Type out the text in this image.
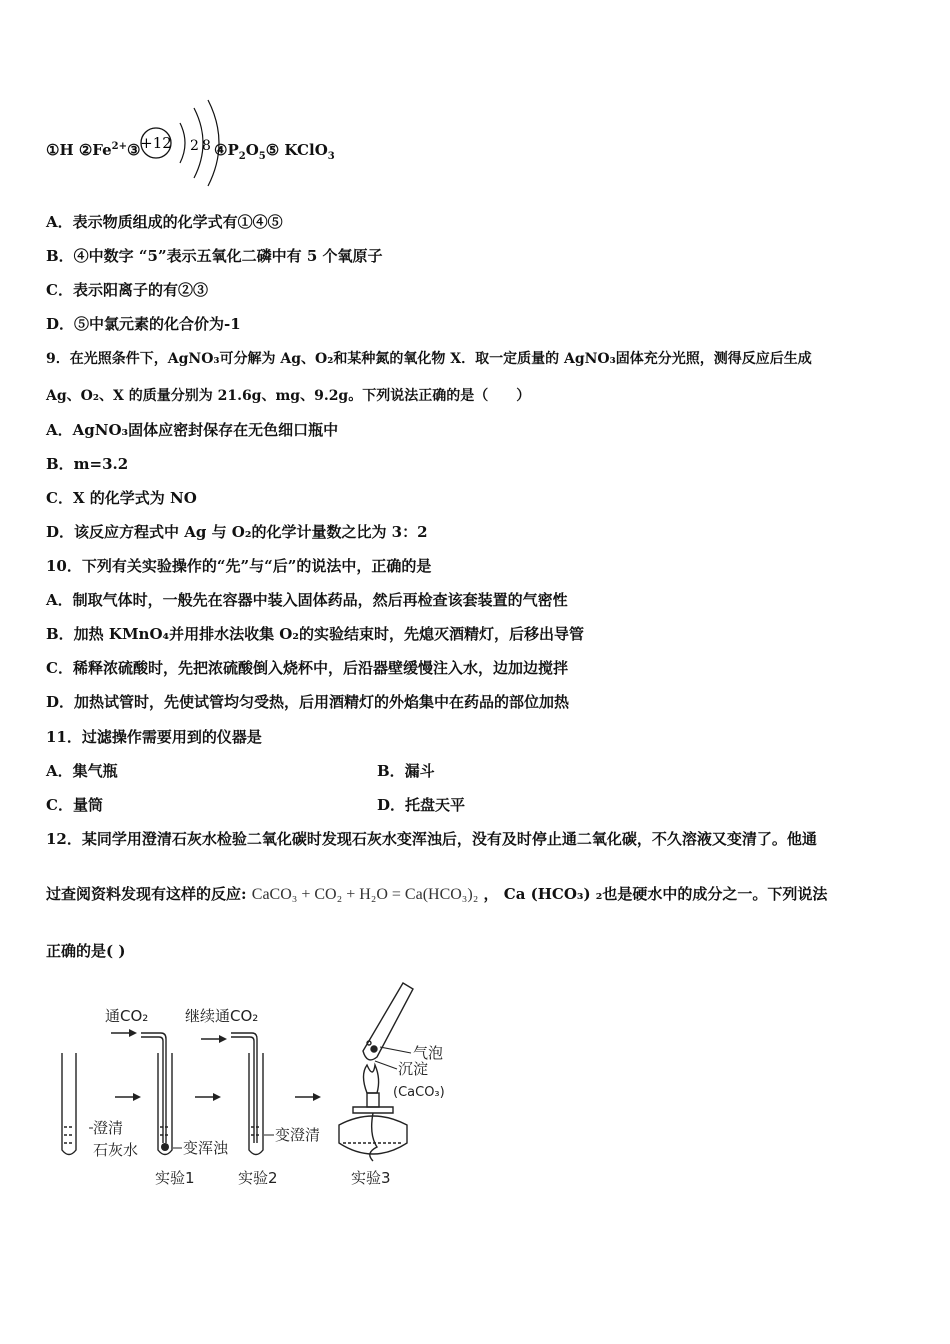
①H $②Fe^{2+}③ +12$ 2 8 $④P_2O_5⑤$ KClO$_3$
A．表示物质组成的化学式有①④⑤
B．④中数字 “5”表示五氧化二磷中有 5 个氧原子
C．表示阳离子的有②③
D．⑤中氯元素的化合价为-1
9．在光照条件下，AgNO₃可分解为 Ag、O₂和某种氮的氧化物 X．取一定质量的 AgNO₃固体充分光照，测得反应后生成
Ag、O₂、X 的质量分别为 21.6g、mg、9.2g。下列说法正确的是（　　）
A．AgNO₃固体应密封保存在无色细口瓶中
B．m=3.2
C．X 的化学式为 NO
D．该反应方程式中 Ag 与 O₂的化学计量数之比为 3：2
10．下列有关实验操作的“先”与“后”的说法中，正确的是
A．制取气体时，一般先在容器中装入固体药品，然后再检查该套装置的气密性
B．加热 KMnO₄并用排水法收集 O₂的实验结束时，先熄灭酒精灯，后移出导管
C．稀释浓硫酸时，先把浓硫酸倒入烧杯中，后沿器壁缓慢注入水，边加边搅拌
D．加热试管时，先使试管均匀受热，后用酒精灯的外焰集中在药品的部位加热
11．过滤操作需要用到的仪器是
A．集气瓶	B．漏斗
C．量筒	D．托盘天平
12．某同学用澄清石灰水检验二氧化碳时发现石灰水变浑浊后，没有及时停止通二氧化碳，不久溶液又变清了。他通
过查阅资料发现有这样的反应: CaCO₃ + CO₂ + H₂O = Ca(HCO₃)₂ ， Ca (HCO₃) ₂也是硬水中的成分之一。下列说法
正确的是( )
澄清
石灰水
通CO₂
变浑浊
实验1
继续通CO₂
变澄清
实验2
气泡
沉淀
(CaCO₃)
实验3
